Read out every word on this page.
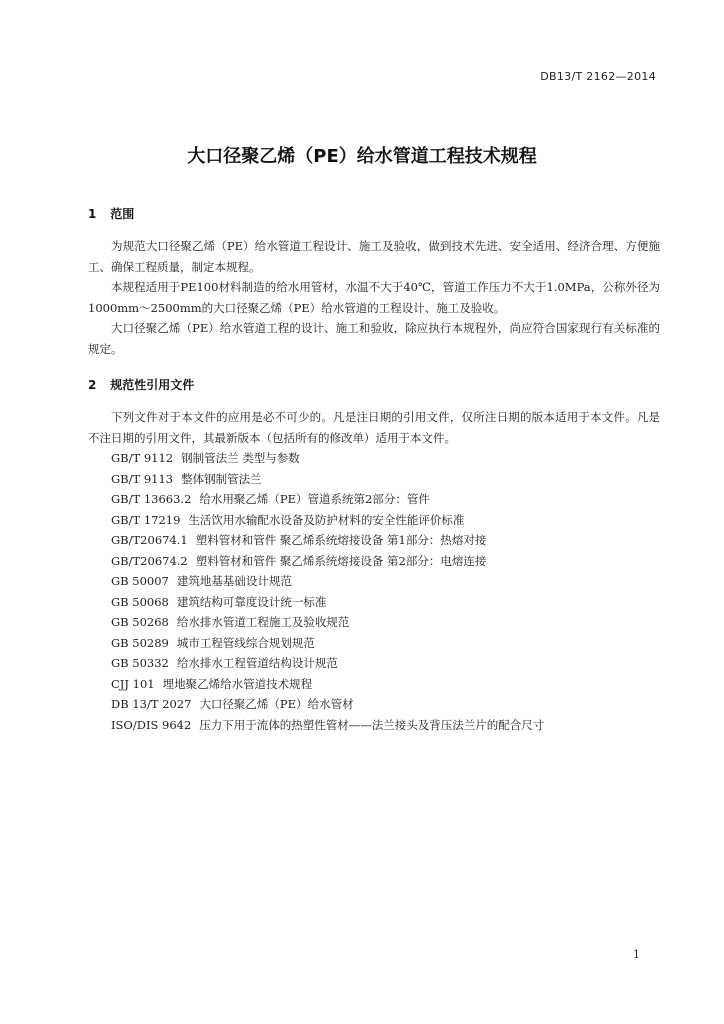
DB13/T 2162—2014
大口径聚乙烯（PE）给水管道工程技术规程
1 范围

为规范大口径聚乙烯（PE）给水管道工程设计、施工及验收，做到技术先进、安全适用、经济合理、方便施工、确保工程质量，制定本规程。

本规程适用于PE100材料制造的给水用管材，水温不大于40℃，管道工作压力不大于1.0MPa，公称外径为1000mm～2500mm的大口径聚乙烯（PE）给水管道的工程设计、施工及验收。

大口径聚乙烯（PE）给水管道工程的设计、施工和验收，除应执行本规程外，尚应符合国家现行有关标准的规定。

2 规范性引用文件

下列文件对于本文件的应用是必不可少的。凡是注日期的引用文件，仅所注日期的版本适用于本文件。凡是不注日期的引用文件，其最新版本（包括所有的修改单）适用于本文件。

GB/T 9112 钢制管法兰 类型与参数
GB/T 9113 整体钢制管法兰
GB/T 13663.2 给水用聚乙烯（PE）管道系统第2部分：管件
GB/T 17219 生活饮用水输配水设备及防护材料的安全性能评价标准
GB/T20674.1 塑料管材和管件 聚乙烯系统熔接设备 第1部分：热熔对接
GB/T20674.2 塑料管材和管件 聚乙烯系统熔接设备 第2部分：电熔连接
GB 50007 建筑地基基础设计规范
GB 50068 建筑结构可靠度设计统一标准
GB 50268 给水排水管道工程施工及验收规范
GB 50289 城市工程管线综合规划规范
GB 50332 给水排水工程管道结构设计规范
CJJ 101 埋地聚乙烯给水管道技术规程
DB 13/T 2027 大口径聚乙烯（PE）给水管材
ISO/DIS 9642 压力下用于流体的热塑性管材——法兰接头及背压法兰片的配合尺寸
1
